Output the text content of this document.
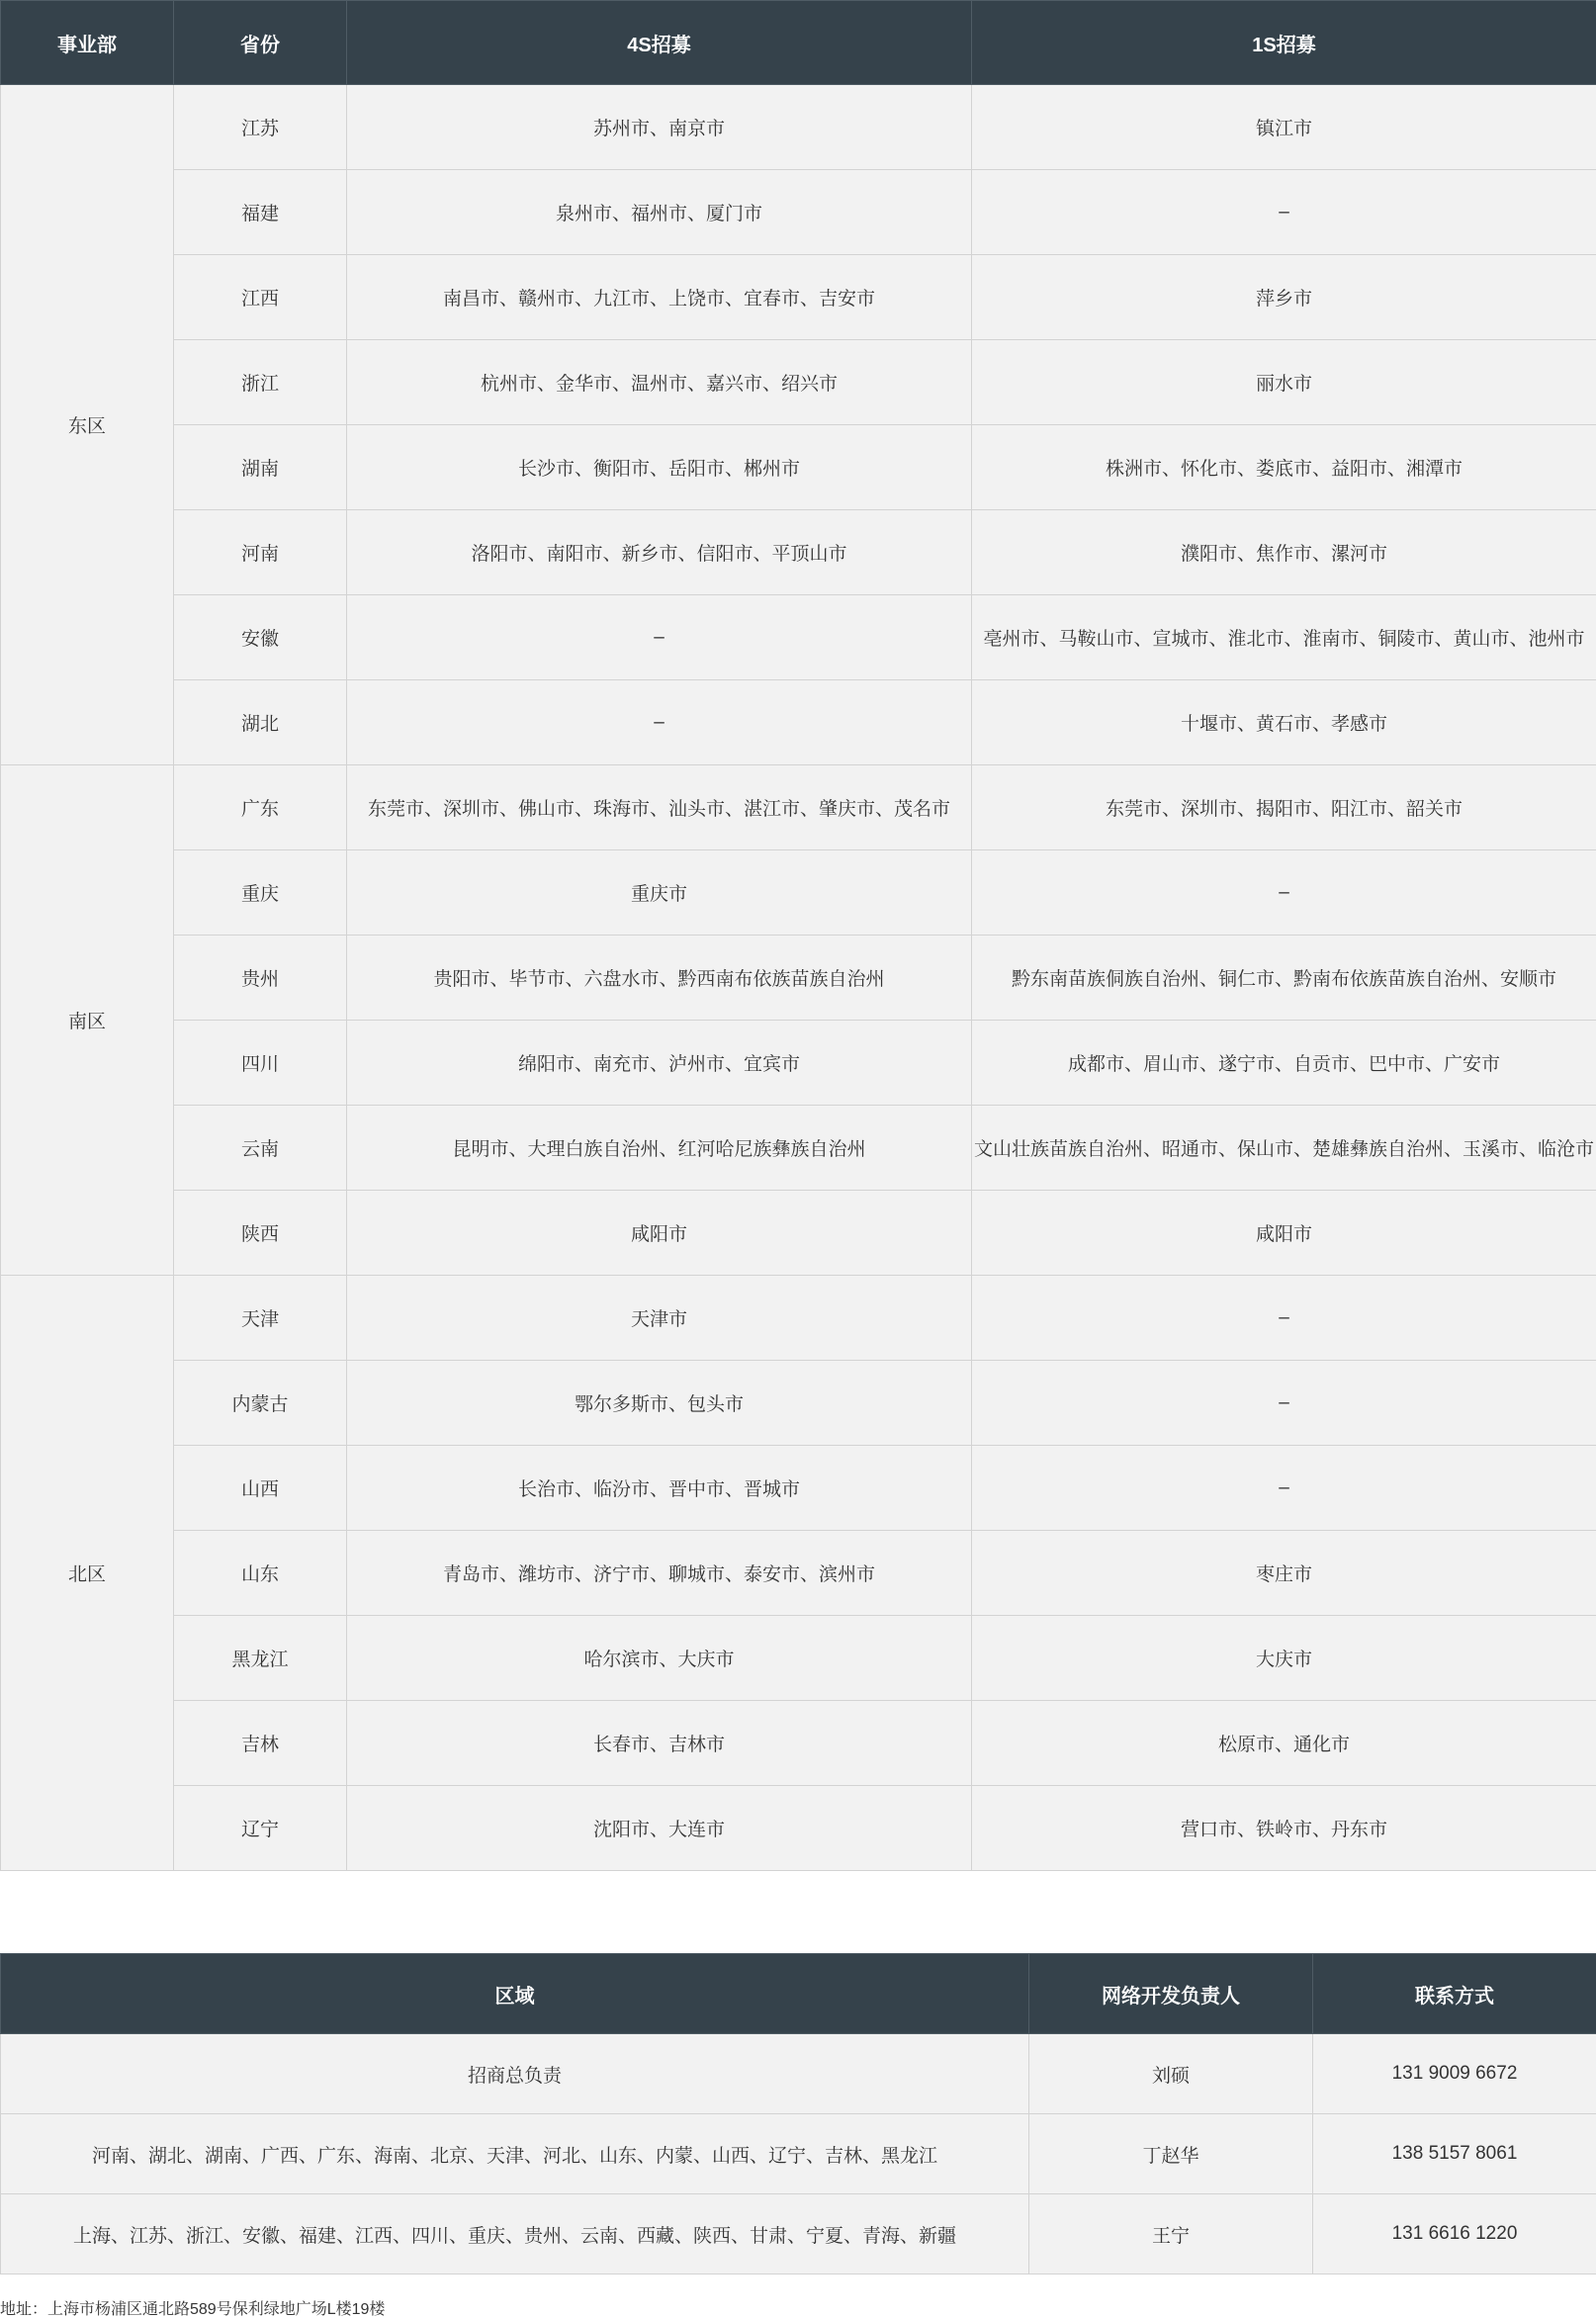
事业部	省份	4S招募	1S招募
东区	江苏	苏州市、南京市	镇江市
	福建	泉州市、福州市、厦门市	–
	江西	南昌市、赣州市、九江市、上饶市、宜春市、吉安市	萍乡市
	浙江	杭州市、金华市、温州市、嘉兴市、绍兴市	丽水市
	湖南	长沙市、衡阳市、岳阳市、郴州市	株洲市、怀化市、娄底市、益阳市、湘潭市
	河南	洛阳市、南阳市、新乡市、信阳市、平顶山市	濮阳市、焦作市、漯河市
	安徽	–	亳州市、马鞍山市、宣城市、淮北市、淮南市、铜陵市、黄山市、池州市
	湖北	–	十堰市、黄石市、孝感市
南区	广东	东莞市、深圳市、佛山市、珠海市、汕头市、湛江市、肇庆市、茂名市	东莞市、深圳市、揭阳市、阳江市、韶关市
	重庆	重庆市	–
	贵州	贵阳市、毕节市、六盘水市、黔西南布依族苗族自治州	黔东南苗族侗族自治州、铜仁市、黔南布依族苗族自治州、安顺市
	四川	绵阳市、南充市、泸州市、宜宾市	成都市、眉山市、遂宁市、自贡市、巴中市、广安市
	云南	昆明市、大理白族自治州、红河哈尼族彝族自治州	文山壮族苗族自治州、昭通市、保山市、楚雄彝族自治州、玉溪市、临沧市
	陕西	咸阳市	咸阳市
北区	天津	天津市	–
	内蒙古	鄂尔多斯市、包头市	–
	山西	长治市、临汾市、晋中市、晋城市	–
	山东	青岛市、潍坊市、济宁市、聊城市、泰安市、滨州市	枣庄市
	黑龙江	哈尔滨市、大庆市	大庆市
	吉林	长春市、吉林市	松原市、通化市
	辽宁	沈阳市、大连市	营口市、铁岭市、丹东市
区域	网络开发负责人	联系方式
招商总负责	刘硕	131 9009 6672
河南、湖北、湖南、广西、广东、海南、北京、天津、河北、山东、内蒙、山西、辽宁、吉林、黑龙江	丁赵华	138 5157 8061
上海、江苏、浙江、安徽、福建、江西、四川、重庆、贵州、云南、西藏、陕西、甘肃、宁夏、青海、新疆	王宁	131 6616 1220
地址：上海市杨浦区通北路589号保利绿地广场L楼19楼
